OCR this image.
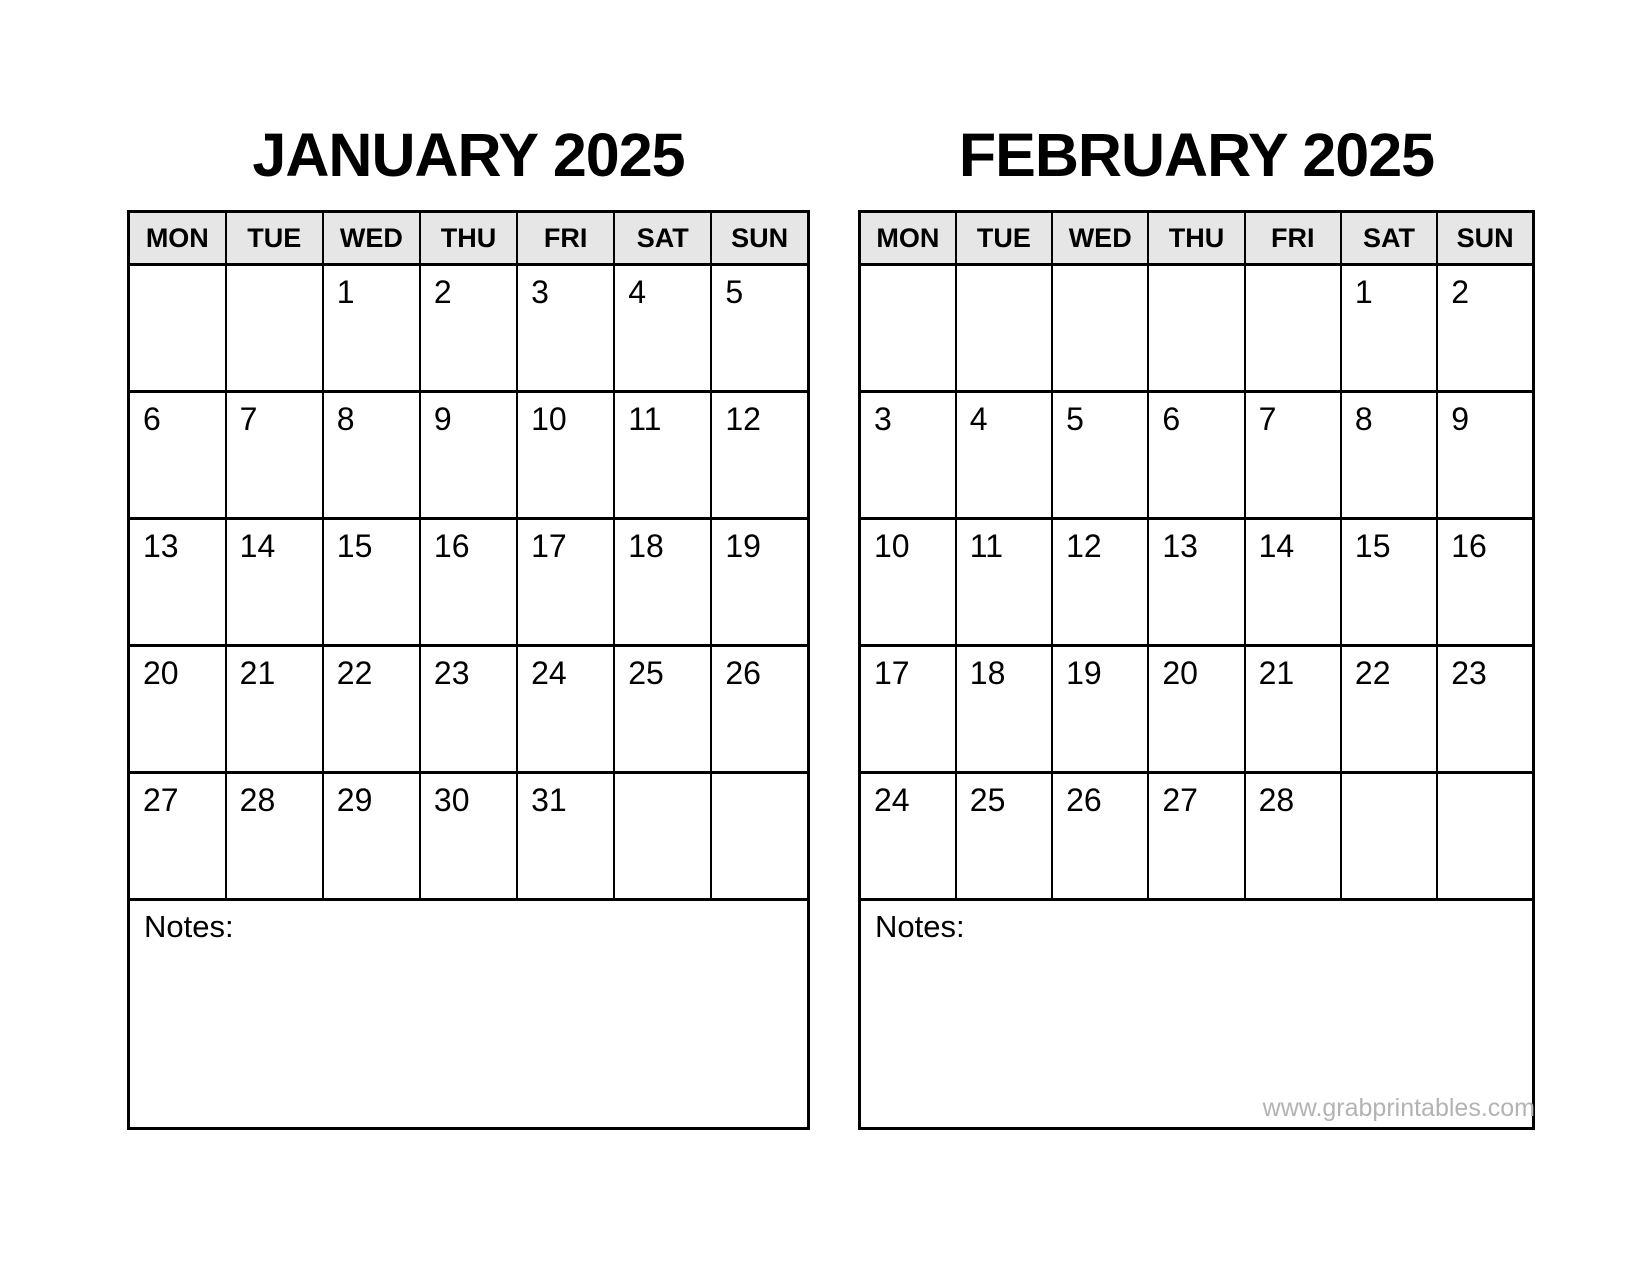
JANUARY 2025
MON	TUE	WED	THU	FRI	SAT	SUN
		1	2	3	4	5
6	7	8	9	10	11	12
13	14	15	16	17	18	19
20	21	22	23	24	25	26
27	28	29	30	31		
Notes:
FEBRUARY 2025
MON	TUE	WED	THU	FRI	SAT	SUN
					1	2
3	4	5	6	7	8	9
10	11	12	13	14	15	16
17	18	19	20	21	22	23
24	25	26	27	28		
Notes:
www.grabprintables.com
